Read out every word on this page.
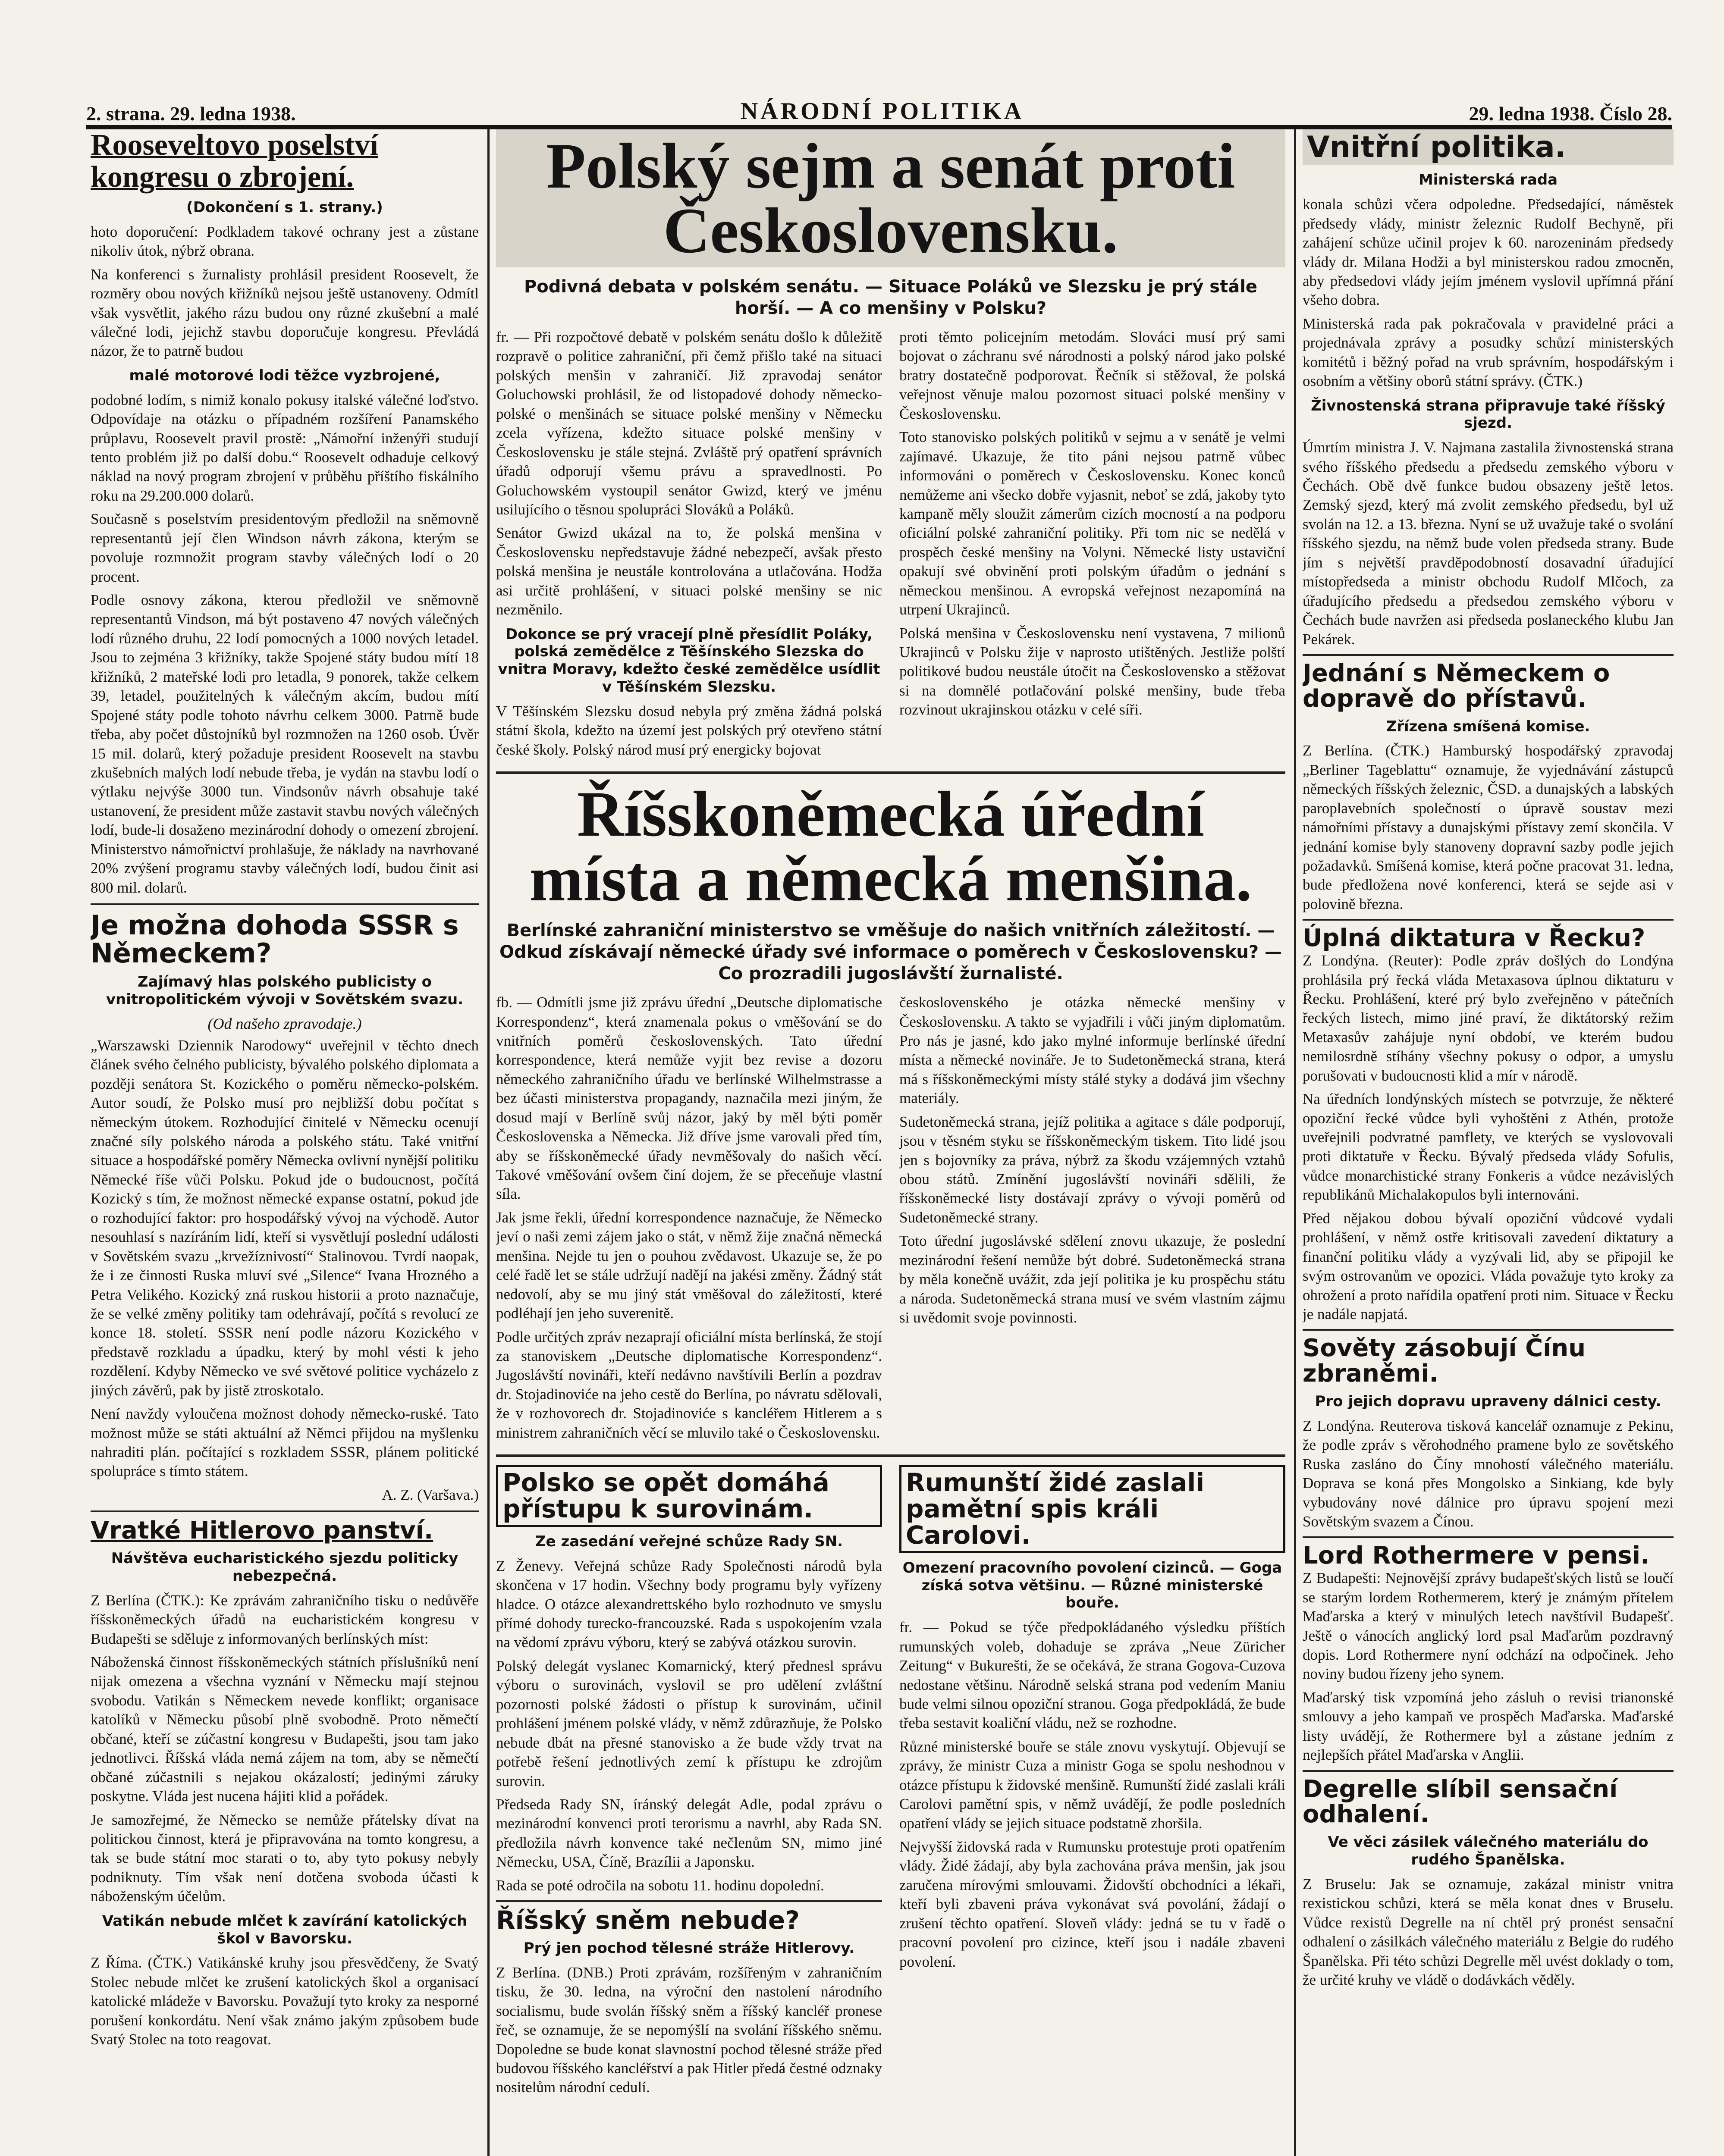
2. strana. 29. ledna 1938.	NÁRODNÍ POLITIKA	29. ledna 1938. Číslo 28.
Rooseveltovo poselství kongresu o zbrojení.
(Dokončení s 1. strany.)

hoto doporučení: Podkladem takové ochrany jest a zůstane nikoliv útok, nýbrž obrana.

Na konferenci s žurnalisty prohlásil president Roosevelt, že rozměry obou nových křižníků nejsou ještě ustanoveny. Odmítl však vysvětlit, jakého rázu budou ony různé zkušební a malé válečné lodi, jejichž stavbu doporučuje kongresu. Převládá názor, že to patrně budou

malé motorové lodi těžce vyzbrojené,

podobné lodím, s nimiž konalo pokusy italské válečné loďstvo. Odpovídaje na otázku o případném rozšíření Panamského průplavu, Roosevelt pravil prostě: „Námořní inženýři studují tento problém již po další dobu.“ Roosevelt odhaduje celkový náklad na nový program zbrojení v průběhu příštího fiskálního roku na 29.200.000 dolarů.

Současně s poselstvím presidentovým předložil na sněmovně representantů její člen Windson návrh zákona, kterým se povoluje rozmnožit program stavby válečných lodí o 20 procent.

Podle osnovy zákona, kterou předložil ve sněmovně representantů Vindson, má být postaveno 47 nových válečných lodí různého druhu, 22 lodí pomocných a 1000 nových letadel. Jsou to zejména 3 křižníky, takže Spojené státy budou mítí 18 křižníků, 2 mateřské lodi pro letadla, 9 ponorek, takže celkem 39, letadel, použitelných k válečným akcím, budou mítí Spojené státy podle tohoto návrhu celkem 3000. Patrně bude třeba, aby počet důstojníků byl rozmnožen na 1260 osob. Úvěr 15 mil. dolarů, který požaduje president Roosevelt na stavbu zkušebních malých lodí nebude třeba, je vydán na stavbu lodí o výtlaku nejvýše 3000 tun. Vindsonův návrh obsahuje také ustanovení, že president může zastavit stavbu nových válečných lodí, bude-li dosaženo mezinárodní dohody o omezení zbrojení. Ministerstvo námořnictví prohlašuje, že náklady na navrhované 20% zvýšení programu stavby válečných lodí, budou činit asi 800 mil. dolarů.

Je možna dohoda SSSR s Německem?
Zajímavý hlas polského publicisty o vnitropolitickém vývoji v Sovětském svazu.
(Od našeho zpravodaje.)

„Warszawski Dziennik Narodowy“ uveřejnil v těchto dnech článek svého čelného publicisty, bývalého polského diplomata a později senátora St. Kozického o poměru německo-polském. Autor soudí, že Polsko musí pro nejbližší dobu počítat s německým útokem. Rozhodující činitelé v Německu ocenují značné síly polského národa a polského státu. Také vnitřní situace a hospodářské poměry Německa ovlivní nynější politiku Německé říše vůči Polsku. Pokud jde o budoucnost, počítá Kozický s tím, že možnost německé expanse ostatní, pokud jde o rozhodující faktor: pro hospodářský vývoj na východě. Autor nesouhlasí s nazíráním lidí, kteří si vysvětlují poslední události v Sovětském svazu „krvežíznivostí“ Stalinovou. Tvrdí naopak, že i ze činnosti Ruska mluví své „Silence“ Ivana Hrozného a Petra Velikého. Kozický zná ruskou historii a proto naznačuje, že se velké změny politiky tam odehrávají, počítá s revolucí ze konce 18. století. SSSR není podle názoru Kozického v představě rozkladu a úpadku, který by mohl vésti k jeho rozdělení. Kdyby Německo ve své světové politice vycházelo z jiných závěrů, pak by jistě ztroskotalo.

Není navždy vyloučena možnost dohody německo-ruské. Tato možnost může se státi aktuální až Němci přijdou na myšlenku nahraditi plán. počítající s rozkladem SSSR, plánem politické spolupráce s tímto státem.

A. Z. (Varšava.)

Vratké Hitlerovo panství.
Návštěva eucharistického sjezdu politicky nebezpečná.

Z Berlína (ČTK.): Ke zprávám zahraničního tisku o nedůvěře říšskoněmeckých úřadů na eucharistickém kongresu v Budapešti se sděluje z informovaných berlínských míst:

Náboženská činnost říšskoněmeckých státních příslušníků není nijak omezena a všechna vyznání v Německu mají stejnou svobodu. Vatikán s Německem nevede konflikt; organisace katolíků v Německu působí plně svobodně. Proto němečtí občané, kteří se zúčastní kongresu v Budapešti, jsou tam jako jednotlivci. Říšská vláda nemá zájem na tom, aby se němečtí občané zúčastnili s nejakou okázalostí; jedinými záruky poskytne. Vláda jest nucena hájiti klid a pořádek.

Je samozřejmé, že Německo se nemůže přátelsky dívat na politickou činnost, která je připravována na tomto kongresu, a tak se bude státní moc starati o to, aby tyto pokusy nebyly podniknuty. Tím však není dotčena svoboda účasti k náboženským účelům.

Vatikán nebude mlčet k zavírání katolických škol v Bavorsku.

Z Říma. (ČTK.) Vatikánské kruhy jsou přesvědčeny, že Svatý Stolec nebude mlčet ke zrušení katolických škol a organisací katolické mládeže v Bavorsku. Považují tyto kroky za nesporné porušení konkordátu. Není však známo jakým způsobem bude Svatý Stolec na toto reagovat.

Polský sejm a senát proti Československu.
Podivná debata v polském senátu. — Situace Poláků ve Slezsku je prý stále horší. — A co menšiny v Polsku?

fr. — Při rozpočtové debatě v polském senátu došlo k důležitě rozpravě o politice zahraniční, při čemž přišlo také na situaci polských menšin v zahraničí. Již zpravodaj senátor Goluchowski prohlásil, že od listopadové dohody německo-polské o menšinách se situace polské menšiny v Německu zcela vyřízena, kdežto situace polské menšiny v Československu je stále stejná. Zvláště prý opatření správních úřadů odporují všemu právu a spravedlnosti. Po Goluchowském vystoupil senátor Gwizd, který ve jménu usilujícího o těsnou spolupráci Slováků a Poláků.

Senátor Gwizd ukázal na to, že polská menšina v Československu nepředstavuje žádné nebezpečí, avšak přesto polská menšina je neustále kontrolována a utlačována. Hodža asi určitě prohlášení, v situaci polské menšiny se nic nezměnilo.

Dokonce se prý vracejí plně přesídlit Poláky, polská zemědělce z Těšínského Slezska do vnitra Moravy, kdežto české zemědělce usídlit v Těšínském Slezsku.

V Těšínském Slezsku dosud nebyla prý změna žádná polská státní škola, kdežto na území jest polských prý otevřeno státní české školy. Polský národ musí prý energicky bojovat

proti těmto policejním metodám. Slováci musí prý sami bojovat o záchranu své národnosti a polský národ jako polské bratry dostatečně podporovat. Řečník si stěžoval, že polská veřejnost věnuje malou pozornost situaci polské menšiny v Československu.

Toto stanovisko polských politiků v sejmu a v senátě je velmi zajímavé. Ukazuje, že tito páni nejsou patrně vůbec informováni o poměrech v Československu. Konec konců nemůžeme ani všecko dobře vyjasnit, neboť se zdá, jakoby tyto kampaně měly sloužit zámerům cizích mocností a na podporu oficiální polské zahraniční politiky. Při tom nic se nedělá v prospěch české menšiny na Volyni. Německé listy ustaviční opakují své obvinění proti polským úřadům o jednání s německou menšinou. A evropská veřejnost nezapomíná na utrpení Ukrajinců.

Polská menšina v Československu není vystavena, 7 milionů Ukrajinců v Polsku žije v naprosto utištěných. Jestliže polští politikové budou neustále útočit na Československo a stěžovat si na domnělé potlačování polské menšiny, bude třeba rozvinout ukrajinskou otázku v celé síři.

Říšskoněmecká úřední místa a německá menšina.
Berlínské zahraniční ministerstvo se vměšuje do našich vnitřních záležitostí. — Odkud získávají německé úřady své informace o poměrech v Československu? — Co prozradili jugoslávští žurnalisté.

fb. — Odmítli jsme již zprávu úřední „Deutsche diplomatische Korrespondenz“, která znamenala pokus o vměšování se do vnitřních poměrů československých. Tato úřední korrespondence, která nemůže vyjit bez revise a dozoru německého zahraničního úřadu ve berlínské Wilhelmstrasse a bez účasti ministerstva propagandy, naznačila mezi jiným, že dosud mají v Berlíně svůj názor, jaký by měl býti poměr Československa a Německa. Již dříve jsme varovali před tím, aby se říšskoněmecké úřady nevměšovaly do našich věcí. Takové vměšování ovšem činí dojem, že se přeceňuje vlastní síla.

Jak jsme řekli, úřední korrespondence naznačuje, že Německo jeví o naši zemi zájem jako o stát, v němž žije značná německá menšina. Nejde tu jen o pouhou zvědavost. Ukazuje se, že po celé řadě let se stále udržují nadějí na jakési změny. Žádný stát nedovolí, aby se mu jiný stát vměšoval do záležitostí, které podléhají jen jeho suverenitě.

Podle určitých zpráv nezaprají oficiální místa berlínská, že stojí za stanoviskem „Deutsche diplomatische Korrespondenz“. Jugoslávští novináři, kteří nedávno navštívili Berlín a pozdrav dr. Stojadinoviće na jeho cestě do Berlína, po návratu sdělovali, že v rozhovorech dr. Stojadinoviće s kancléřem Hitlerem a s ministrem zahraničních věcí se mluvilo také o Československu.

československého je otázka německé menšiny v Československu. A takto se vyjadřili i vůči jiným diplomatům. Pro nás je jasné, kdo jako mylné informuje berlínské úřední místa a německé novináře. Je to Sudetoněmecká strana, která má s říšskoněmeckými místy stálé styky a dodává jim všechny materiály.

Sudetoněmecká strana, jejíž politika a agitace s dále podporují, jsou v těsném styku se říšskoněmeckým tiskem. Tito lidé jsou jen s bojovníky za práva, nýbrž za škodu vzájemných vztahů obou států. Zmínění jugoslávští novináři sdělili, že říšskoněmecké listy dostávají zprávy o vývoji poměrů od Sudetoněmecké strany.

Toto úřední jugoslávské sdělení znovu ukazuje, že poslední mezinárodní řešení nemůže být dobré. Sudetoněmecká strana by měla konečně uvážit, zda její politika je ku prospěchu státu a národa. Sudetoněmecká strana musí ve svém vlastním zájmu si uvědomit svoje povinnosti.

Polsko se opět domáhá přístupu k surovinám.
Ze zasedání veřejné schůze Rady SN.

Z Ženevy. Veřejná schůze Rady Společnosti národů byla skončena v 17 hodin. Všechny body programu byly vyřízeny hladce. O otázce alexandrettského bylo rozhodnuto ve smyslu přímé dohody turecko-francouzské. Rada s uspokojením vzala na vědomí zprávu výboru, který se zabývá otázkou surovin.

Polský delegát vyslanec Komarnický, který přednesl správu výboru o surovinách, vyslovil se pro udělení zvláštní pozornosti polské žádosti o přístup k surovinám, učinil prohlášení jménem polské vlády, v němž zdůrazňuje, že Polsko nebude dbát na přesné stanovisko a že bude vždy trvat na potřebě řešení jednotlivých zemí k přístupu ke zdrojům surovin.

Předseda Rady SN, íránský delegát Adle, podal zprávu o mezinárodní konvenci proti terorismu a navrhl, aby Rada SN. předložila návrh konvence také nečlenům SN, mimo jiné Německu, USA, Číně, Brazílii a Japonsku.

Rada se poté odročila na sobotu 11. hodinu dopolední.

Říšský sněm nebude?
Prý jen pochod tělesné stráže Hitlerovy.

Z Berlína. (DNB.) Proti zprávám, rozšířeným v zahraničním tisku, že 30. ledna, na výroční den nastolení národního socialismu, bude svolán říšský sněm a říšský kancléř pronese řeč, se oznamuje, že se nepomýšlí na svolání říšského sněmu. Dopoledne se bude konat slavnostní pochod tělesné stráže před budovou říšského kancléřství a pak Hitler předá čestné odznaky nositelům národní cedulí.

Rumunští židé zaslali pamětní spis králi Carolovi.
Omezení pracovního povolení cizinců. — Goga získá sotva většinu. — Různé ministerské bouře.

fr. — Pokud se týče předpokládaného výsledku příštích rumunských voleb, dohaduje se zpráva „Neue Züricher Zeitung“ v Bukurešti, že se očekává, že strana Gogova-Cuzova nedostane většinu. Národně selská strana pod vedením Maniu bude velmi silnou opoziční stranou. Goga předpokládá, že bude třeba sestavit koaliční vládu, než se rozhodne.

Různé ministerské bouře se stále znovu vyskytují. Objevují se zprávy, že ministr Cuza a ministr Goga se spolu neshodnou v otázce přístupu k židovské menšině. Rumunští židé zaslali králi Carolovi pamětní spis, v němž uvádějí, že podle posledních opatření vlády se jejich situace podstatně zhoršila.

Nejvyšší židovská rada v Rumunsku protestuje proti opatřením vlády. Židé žádají, aby byla zachována práva menšin, jak jsou zaručena mírovými smlouvami. Židovští obchodníci a lékaři, kteří byli zbaveni práva vykonávat svá povolání, žádají o zrušení těchto opatření. Sloveň vlády: jedná se tu v řadě o pracovní povolení pro cizince, kteří jsou i nadále zbaveni povolení.

Vnitřní politika.
Ministerská rada

konala schůzi včera odpoledne. Předsedající, náměstek předsedy vlády, ministr železnic Rudolf Bechyně, při zahájení schůze učinil projev k 60. narozeninám předsedy vlády dr. Milana Hodži a byl ministerskou radou zmocněn, aby předsedovi vlády jejím jménem vyslovil upřímná přání všeho dobra.

Ministerská rada pak pokračovala v pravidelné práci a projednávala zprávy a posudky schůzí ministerských komitétů i běžný pořad na vrub správním, hospodářským i osobním a většiny oborů státní správy. (ČTK.)

Živnostenská strana připravuje také říšský sjezd.

Úmrtím ministra J. V. Najmana zastalila živnostenská strana svého říšského předsedu a předsedu zemského výboru v Čechách. Obě dvě funkce budou obsazeny ještě letos. Zemský sjezd, který má zvolit zemského předsedu, byl už svolán na 12. a 13. března. Nyní se už uvažuje také o svolání říšského sjezdu, na němž bude volen předseda strany. Bude jím s největší pravděpodobností dosavadní úřadující místopředseda a ministr obchodu Rudolf Mlčoch, za úřadujícího předsedu a předsedou zemského výboru v Čechách bude navržen asi předseda poslaneckého klubu Jan Pekárek.

Jednání s Německem o dopravě do přístavů.
Zřízena smíšená komise.

Z Berlína. (ČTK.) Hamburský hospodářský zpravodaj „Berliner Tageblattu“ oznamuje, že vyjednávání zástupců německých říšských železnic, ČSD. a dunajských a labských paroplavebních společností o úpravě soustav mezi námořními přístavy a dunajskými přístavy zemí skončila. V jednání komise byly stanoveny dopravní sazby podle jejich požadavků. Smíšená komise, která počne pracovat 31. ledna, bude předložena nové konferenci, která se sejde asi v polovině března.

Úplná diktatura v Řecku?

Z Londýna. (Reuter): Podle zpráv došlých do Londýna prohlásila prý řecká vláda Metaxasova úplnou diktaturu v Řecku. Prohlášení, které prý bylo zveřejněno v pátečních řeckých listech, mimo jiné praví, že diktátorský režim Metaxasův zahájuje nyní období, ve kterém budou nemilosrdně stíhány všechny pokusy o odpor, a umyslu porušovati v budoucnosti klid a mír v národě.

Na úředních londýnských místech se potvrzuje, že některé opoziční řecké vůdce byli vyhoštěni z Athén, protože uveřejnili podvratné pamflety, ve kterých se vyslovovali proti diktatuře v Řecku. Bývalý předseda vlády Sofulis, vůdce monarchistické strany Fonkeris a vůdce nezávislých republikánů Michalakopulos byli internováni.

Před nějakou dobou bývalí opoziční vůdcové vydali prohlášení, v němž ostře kritisovali zavedení diktatury a finanční politiku vlády a vyzývali lid, aby se připojil ke svým ostrovanům ve opozici. Vláda považuje tyto kroky za ohrožení a proto nařídila opatření proti nim. Situace v Řecku je nadále napjatá.

Sověty zásobují Čínu zbraněmi.
Pro jejich dopravu upraveny dálnici cesty.

Z Londýna. Reuterova tisková kancelář oznamuje z Pekinu, že podle zpráv s věrohodného pramene bylo ze sovětského Ruska zasláno do Číny mnohostí válečného materiálu. Doprava se koná přes Mongolsko a Sinkiang, kde byly vybudovány nové dálnice pro úpravu spojení mezi Sovětským svazem a Čínou.

Lord Rothermere v pensi.

Z Budapešti: Nejnovější zprávy budapešťských listů se loučí se starým lordem Rothermerem, který je známým přítelem Maďarska a který v minulých letech navštívil Budapešť. Ještě o vánocích anglický lord psal Maďarům pozdravný dopis. Lord Rothermere nyní odchází na odpočinek. Jeho noviny budou řízeny jeho synem.

Maďarský tisk vzpomíná jeho zásluh o revisi trianonské smlouvy a jeho kampaň ve prospěch Maďarska. Maďarské listy uvádějí, že Rothermere byl a zůstane jedním z nejlepších přátel Maďarska v Anglii.

Degrelle slíbil sensační odhalení.
Ve věci zásilek válečného materiálu do rudého Španělska.

Z Bruselu: Jak se oznamuje, zakázal ministr vnitra rexistickou schůzi, která se měla konat dnes v Bruselu. Vůdce rexistů Degrelle na ní chtěl prý pronést sensační odhalení o zásilkách válečného materiálu z Belgie do rudého Španělska. Při této schůzi Degrelle měl uvést doklady o tom, že určité kruhy ve vládě o dodávkách věděly.
